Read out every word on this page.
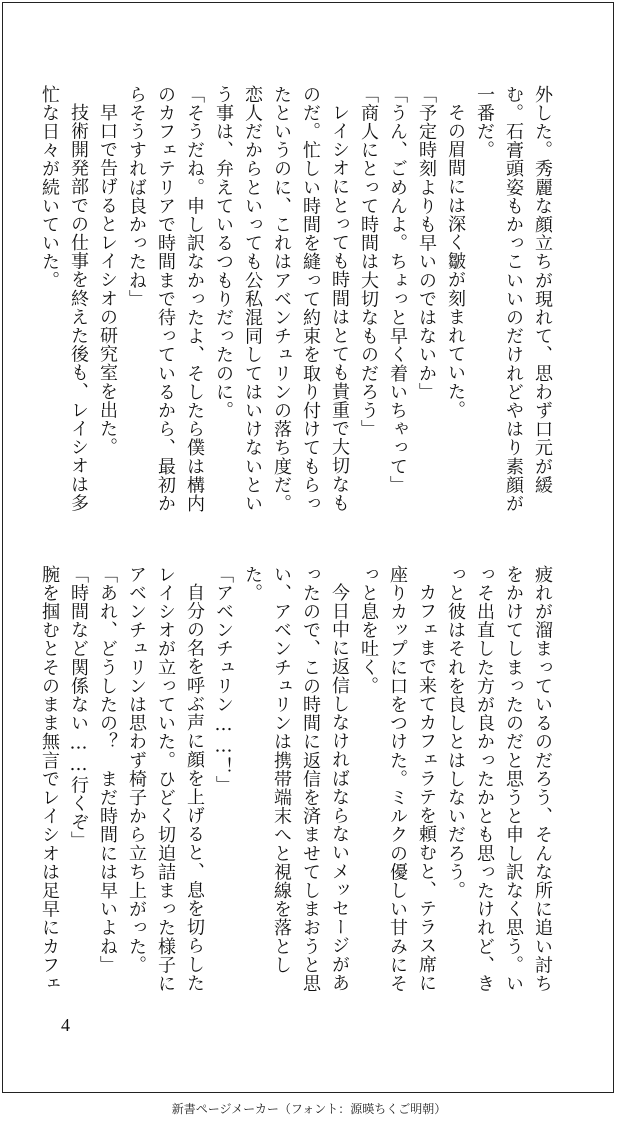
外した。秀麗な顔立ちが現れて、思わず口元が緩む。石膏頭姿もかっこいいのだけれどやはり素顔が一番だ。

その眉間には深く皺が刻まれていた。

「予定時刻よりも早いのではないか」

「うん、ごめんよ。ちょっと早く着いちゃって」

「商人にとって時間は大切なものだろう」

レイシオにとっても時間はとても貴重で大切なものだ。忙しい時間を縫って約束を取り付けてもらったというのに、これはアベンチュリンの落ち度だ。恋人だからといっても公私混同してはいけないという事は、弁えているつもりだったのに。

「そうだね。申し訳なかったよ、そしたら僕は構内のカフェテリアで時間まで待っているから、最初からそうすれば良かったね」

早口で告げるとレイシオの研究室を出た。

技術開発部での仕事を終えた後も、レイシオは多忙な日々が続いていた。

疲れが溜まっているのだろう、そんな所に追い討ちをかけてしまったのだと思うと申し訳なく思う。いっそ出直した方が良かったかとも思ったけれど、きっと彼はそれを良しとはしないだろう。

カフェまで来てカフェラテを頼むと、テラス席に座りカップに口をつけた。ミルクの優しい甘みにそっと息を吐く。

今日中に返信しなければならないメッセージがあったので、この時間に返信を済ませてしまおうと思い、アベンチュリンは携帯端末へと視線を落とした。

「アベンチュリン……！」

自分の名を呼ぶ声に顔を上げると、息を切らしたレイシオが立っていた。ひどく切迫詰まった様子にアベンチュリンは思わず椅子から立ち上がった。

「あれ、どうしたの？　まだ時間には早いよね」

「時間など関係ない……行くぞ」

腕を掴むとそのまま無言でレイシオは足早にカフェ

4
新書ページメーカー（フォント：源暎ちくご明朝）
